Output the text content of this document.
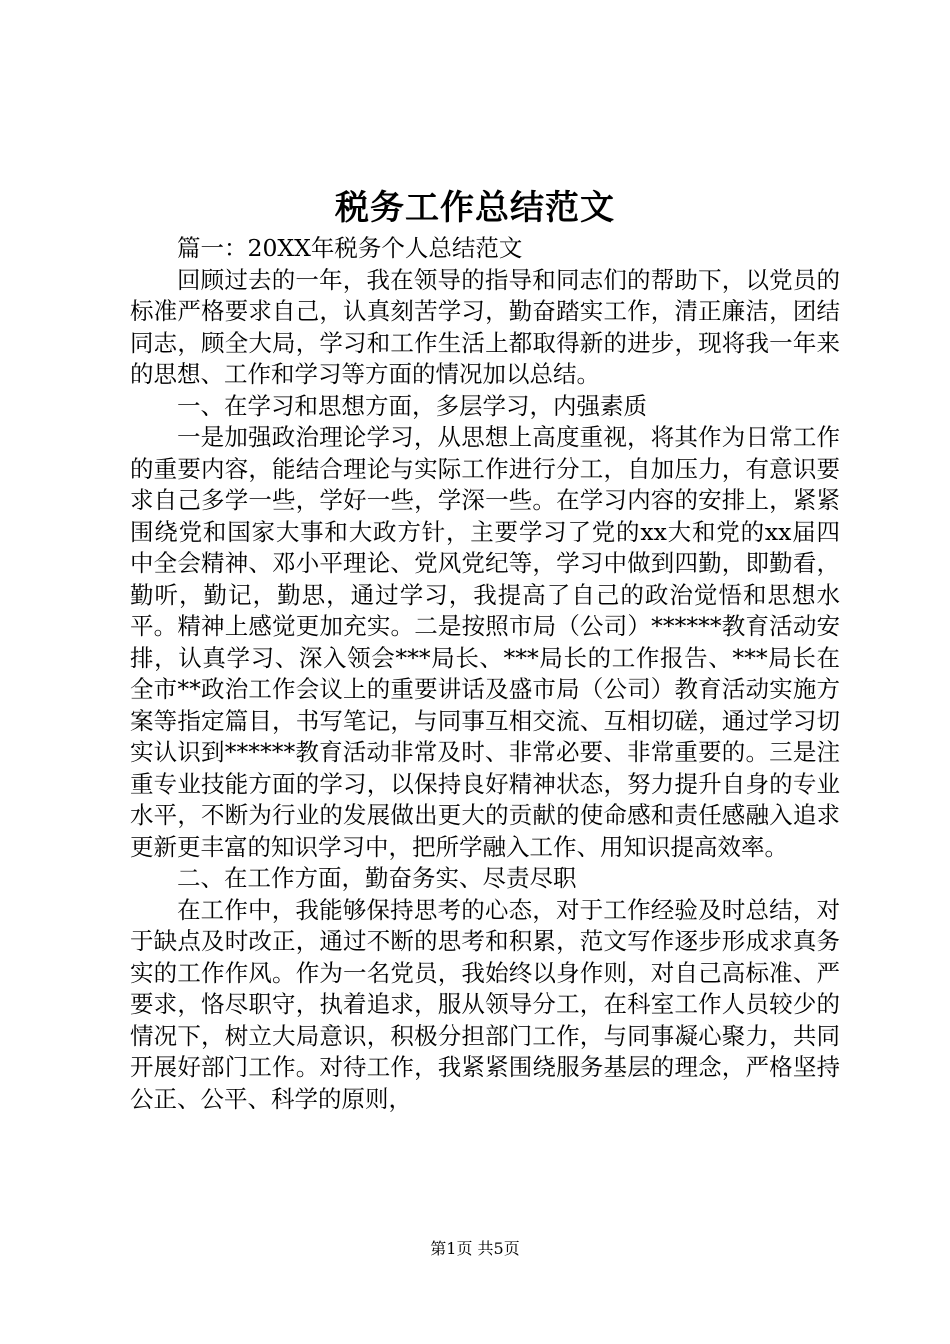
税务工作总结范文

篇一：20XX年税务个人总结范文

回顾过去的一年，我在领导的指导和同志们的帮助下，以党员的标准严格要求自己，认真刻苦学习，勤奋踏实工作，清正廉洁，团结同志，顾全大局，学习和工作生活上都取得新的进步，现将我一年来的思想、工作和学习等方面的情况加以总结。

一、在学习和思想方面，多层学习，内强素质

一是加强政治理论学习，从思想上高度重视，将其作为日常工作的重要内容，能结合理论与实际工作进行分工，自加压力，有意识要求自己多学一些，学好一些，学深一些。在学习内容的安排上，紧紧围绕党和国家大事和大政方针，主要学习了党的xx大和党的xx届四中全会精神、邓小平理论、党风党纪等，学习中做到四勤，即勤看，勤听，勤记，勤思，通过学习，我提高了自己的政治觉悟和思想水平。精神上感觉更加充实。二是按照市局（公司）******教育活动安排，认真学习、深入领会***局长、***局长的工作报告、***局长在全市**政治工作会议上的重要讲话及盛市局（公司）教育活动实施方案等指定篇目，书写笔记，与同事互相交流、互相切磋，通过学习切实认识到******教育活动非常及时、非常必要、非常重要的。三是注重专业技能方面的学习，以保持良好精神状态，努力提升自身的专业水平，不断为行业的发展做出更大的贡献的使命感和责任感融入追求更新更丰富的知识学习中，把所学融入工作、用知识提高效率。

二、在工作方面，勤奋务实、尽责尽职

在工作中，我能够保持思考的心态，对于工作经验及时总结，对于缺点及时改正，通过不断的思考和积累，范文写作逐步形成求真务实的工作作风。作为一名党员，我始终以身作则，对自己高标准、严要求，恪尽职守，执着追求，服从领导分工，在科室工作人员较少的情况下，树立大局意识，积极分担部门工作，与同事凝心聚力，共同开展好部门工作。对待工作，我紧紧围绕服务基层的理念，严格坚持公正、公平、科学的原则，

第1页 共5页
